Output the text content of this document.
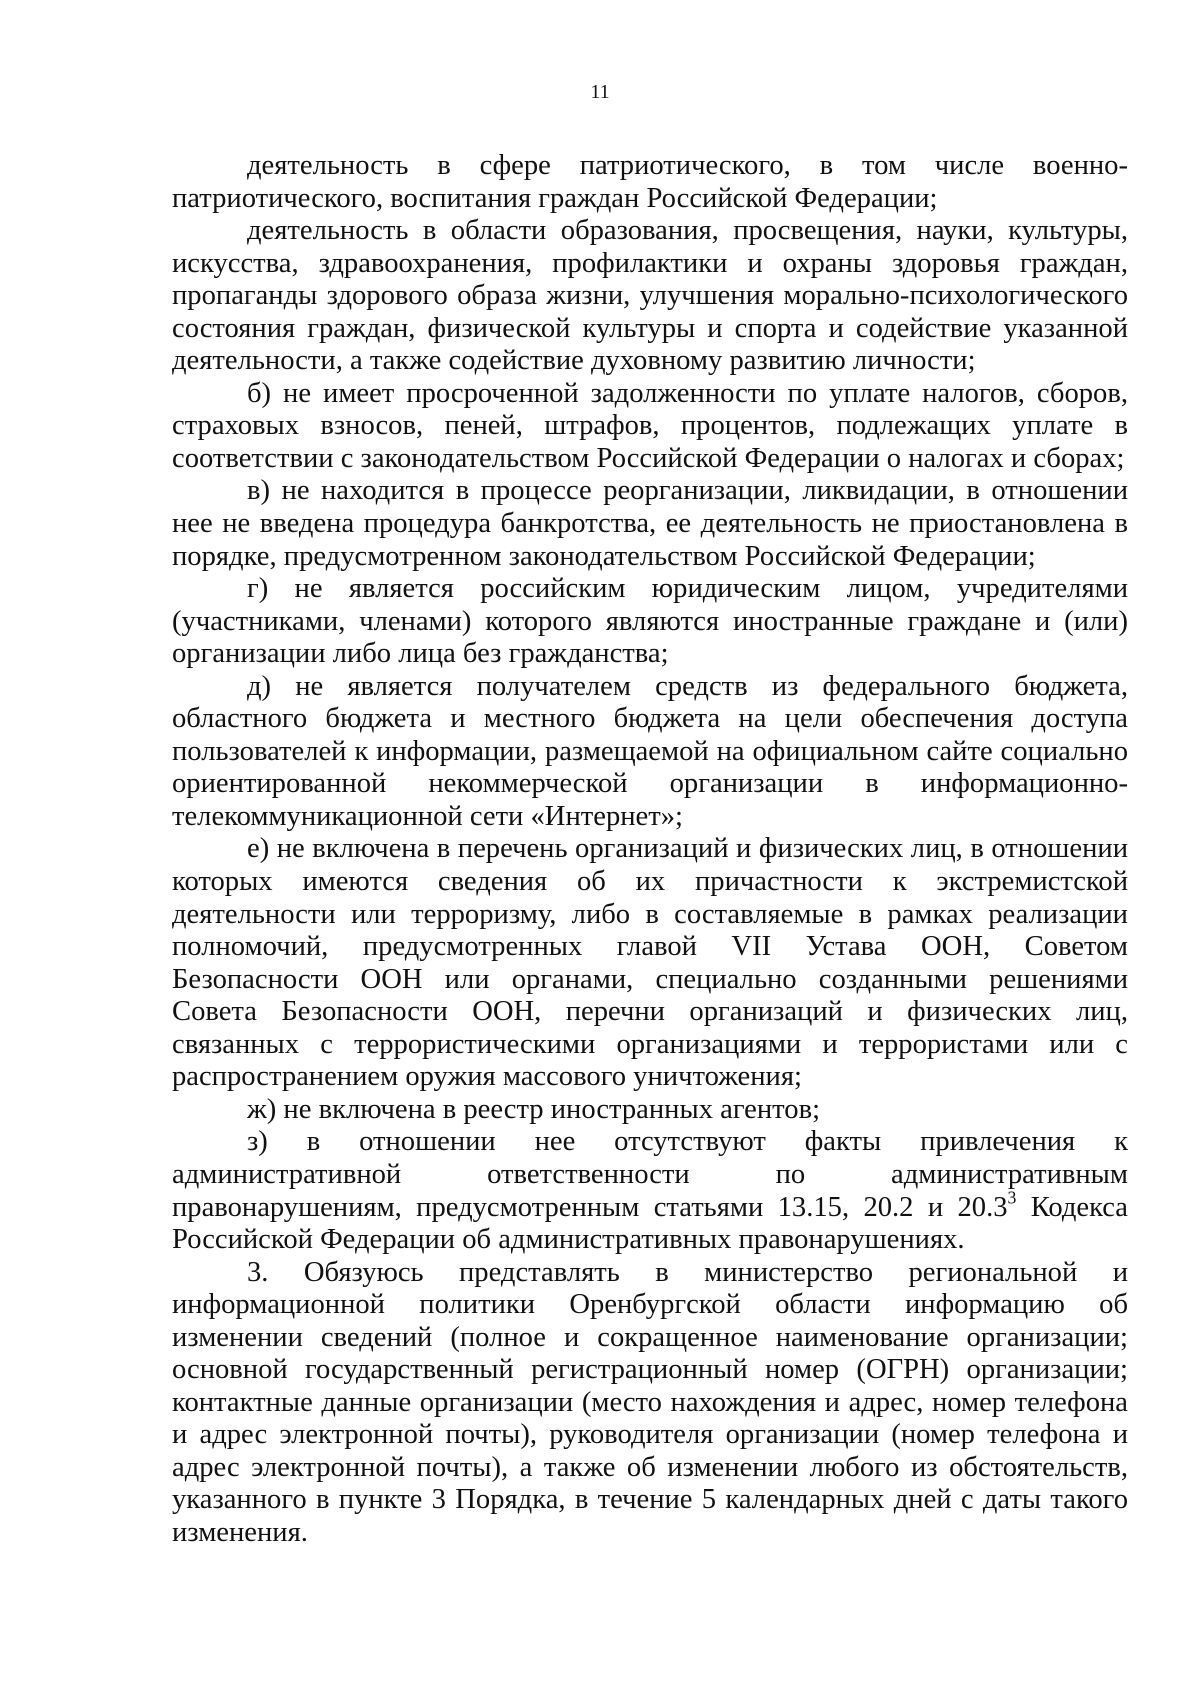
11

деятельность в сфере патриотического, в том числе военно-патриотического, воспитания граждан Российской Федерации;

деятельность в области образования, просвещения, науки, культуры, искусства, здравоохранения, профилактики и охраны здоровья граждан, пропаганды здорового образа жизни, улучшения морально-психологического состояния граждан, физической культуры и спорта и содействие указанной деятельности, а также содействие духовному развитию личности;

б) не имеет просроченной задолженности по уплате налогов, сборов, страховых взносов, пеней, штрафов, процентов, подлежащих уплате в соответствии с законодательством Российской Федерации о налогах и сборах;

в) не находится в процессе реорганизации, ликвидации, в отношении нее не введена процедура банкротства, ее деятельность не приостановлена в порядке, предусмотренном законодательством Российской Федерации;

г) не является российским юридическим лицом, учредителями (участниками, членами) которого являются иностранные граждане и (или) организации либо лица без гражданства;

д) не является получателем средств из федерального бюджета, областного бюджета и местного бюджета на цели обеспечения доступа пользователей к информации, размещаемой на официальном сайте социально ориентированной некоммерческой организации в информационно-телекоммуникационной сети «Интернет»;

е) не включена в перечень организаций и физических лиц, в отношении которых имеются сведения об их причастности к экстремистской деятельности или терроризму, либо в составляемые в рамках реализации полномочий, предусмотренных главой VII Устава ООН, Советом Безопасности ООН или органами, специально созданными решениями Совета Безопасности ООН, перечни организаций и физических лиц, связанных с террористическими организациями и террористами или с распространением оружия массового уничтожения;

ж) не включена в реестр иностранных агентов;

з) в отношении нее отсутствуют факты привлечения к административной ответственности по административным правонарушениям, предусмотренным статьями 13.15, 20.2 и 20.3$^3$ Кодекса Российской Федерации об административных правонарушениях.

3. Обязуюсь представлять в министерство региональной и информационной политики Оренбургской области информацию об изменении сведений (полное и сокращенное наименование организации; основной государственный регистрационный номер (ОГРН) организации; контактные данные организации (место нахождения и адрес, номер телефона и адрес электронной почты), руководителя организации (номер телефона и адрес электронной почты), а также об изменении любого из обстоятельств, указанного в пункте 3 Порядка, в течение 5 календарных дней с даты такого изменения.
